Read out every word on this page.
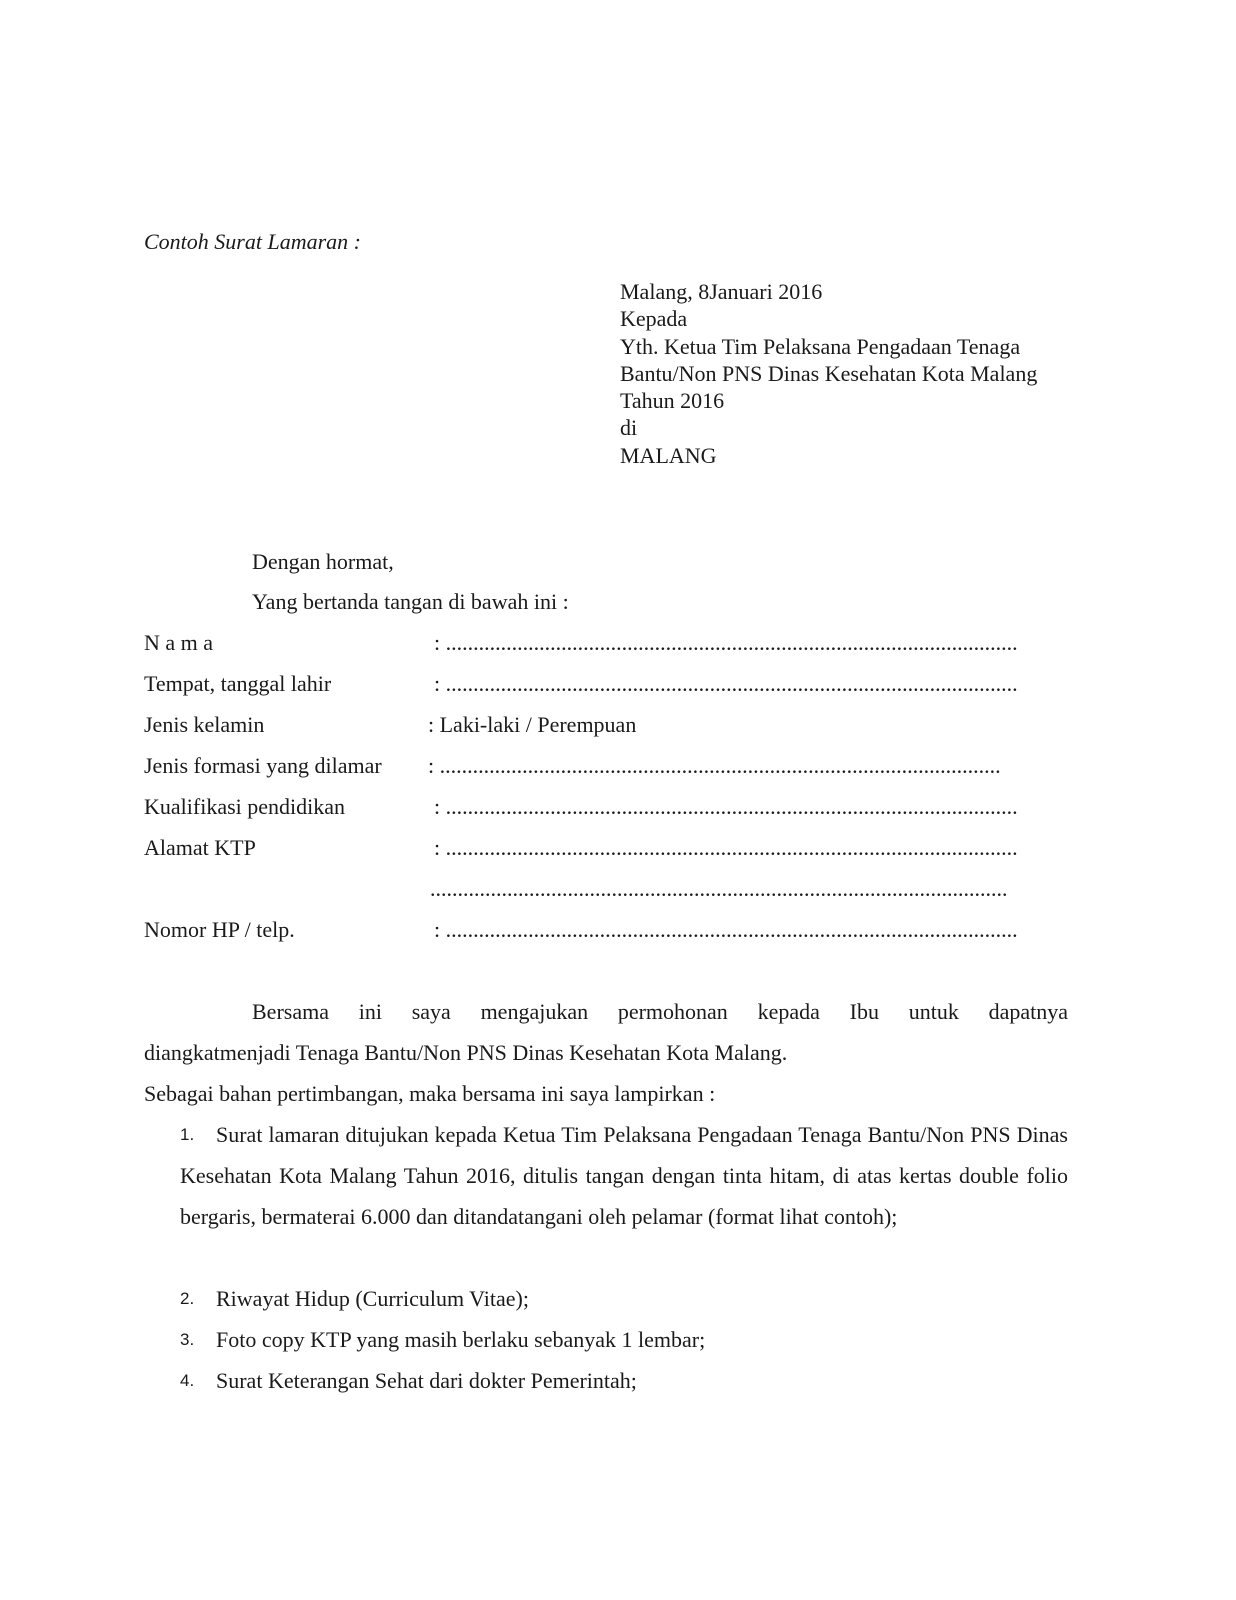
Contoh Surat Lamaran :
Malang, 8Januari 2016
Kepada
Yth. Ketua Tim Pelaksana Pengadaan Tenaga
Bantu/Non PNS Dinas Kesehatan Kota Malang
Tahun 2016
di
MALANG
Dengan hormat,
Yang bertanda tangan di bawah ini :
N a m a	: ........................................................................................................
Tempat, tanggal lahir	: ........................................................................................................
Jenis kelamin	: Laki-laki / Perempuan
Jenis formasi yang dilamar : ......................................................................................................
Kualifikasi pendidikan	: ........................................................................................................
Alamat KTP	: ........................................................................................................
.........................................................................................................
Nomor HP / telp.	: ........................................................................................................
Bersama ini saya mengajukan permohonan kepada Ibu untuk dapatnya
diangkatmenjadi Tenaga Bantu/Non PNS Dinas Kesehatan Kota Malang.
Sebagai bahan pertimbangan, maka bersama ini saya lampirkan :
1. Surat lamaran ditujukan kepada Ketua Tim Pelaksana Pengadaan Tenaga Bantu/Non PNS Dinas Kesehatan Kota Malang Tahun 2016, ditulis tangan dengan tinta hitam, di atas kertas double folio bergaris, bermaterai 6.000 dan ditandatangani oleh pelamar (format lihat contoh);
2. Riwayat Hidup (Curriculum Vitae);
3. Foto copy KTP yang masih berlaku sebanyak 1 lembar;
4. Surat Keterangan Sehat dari dokter Pemerintah;
